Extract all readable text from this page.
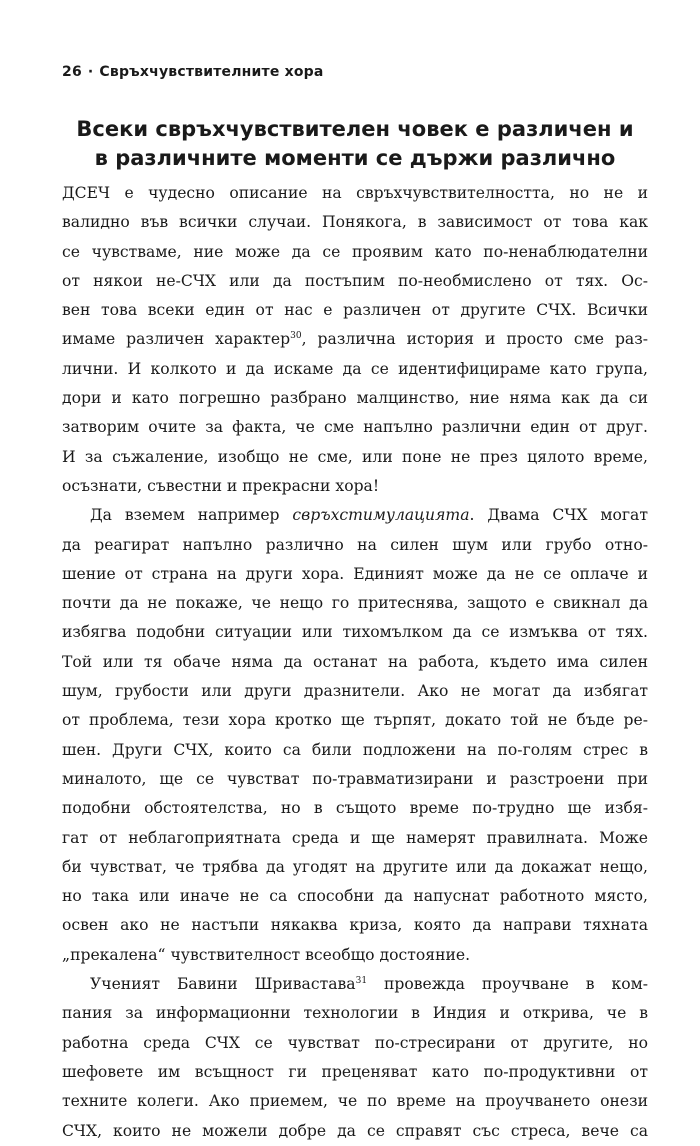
26 · Свръхчувствителните хора
Всеки свръхчувствителен човек е различен и
в различните моменти се държи различно
ДСЕЧ е чудесно описание на свръхчувствителността, но не и
валидно във всички случаи. Понякога, в зависимост от това как
се чувстваме, ние може да се проявим като по-ненаблюдателни
от някои не-СЧХ или да постъпим по-необмислено от тях. Ос-
вен това всеки един от нас е различен от другите СЧХ. Всички
имаме различен характер$^{30}$, различна история и просто сме раз-
лични. И колкото и да искаме да се идентифицираме като група,
дори и като погрешно разбрано малцинство, ние няма как да си
затворим очите за факта, че сме напълно различни един от друг.
И за съжаление, изобщо не сме, или поне не през цялото време,
осъзнати, съвестни и прекрасни хора!
Да вземем например свръхстимулацията. Двама СЧХ могат
да реагират напълно различно на силен шум или грубо отно-
шение от страна на други хора. Единият може да не се оплаче и
почти да не покаже, че нещо го притеснява, защото е свикнал да
избягва подобни ситуации или тихомълком да се измъква от тях.
Той или тя обаче няма да останат на работа, където има силен
шум, грубости или други дразнители. Ако не могат да избягат
от проблема, тези хора кротко ще търпят, докато той не бъде ре-
шен. Други СЧХ, които са били подложени на по-голям стрес в
миналото, ще се чувстват по-травматизирани и разстроени при
подобни обстоятелства, но в същото време по-трудно ще избя-
гат от неблагоприятната среда и ще намерят правилната. Може
би чувстват, че трябва да угодят на другите или да докажат нещо,
но така или иначе не са способни да напуснат работното място,
освен ако не настъпи някаква криза, която да направи тяхната
„прекалена“ чувствителност всеобщо достояние.
Ученият Бавини Шривастава$^{31}$ провежда проучване в ком-
пания за информационни технологии в Индия и открива, че в
работна среда СЧХ се чувстват по-стресирани от другите, но
шефовете им всъщност ги преценяват като по-продуктивни от
техните колеги. Ако приемем, че по време на проучването онези
СЧХ, които не можели добре да се справят със стреса, вече са
